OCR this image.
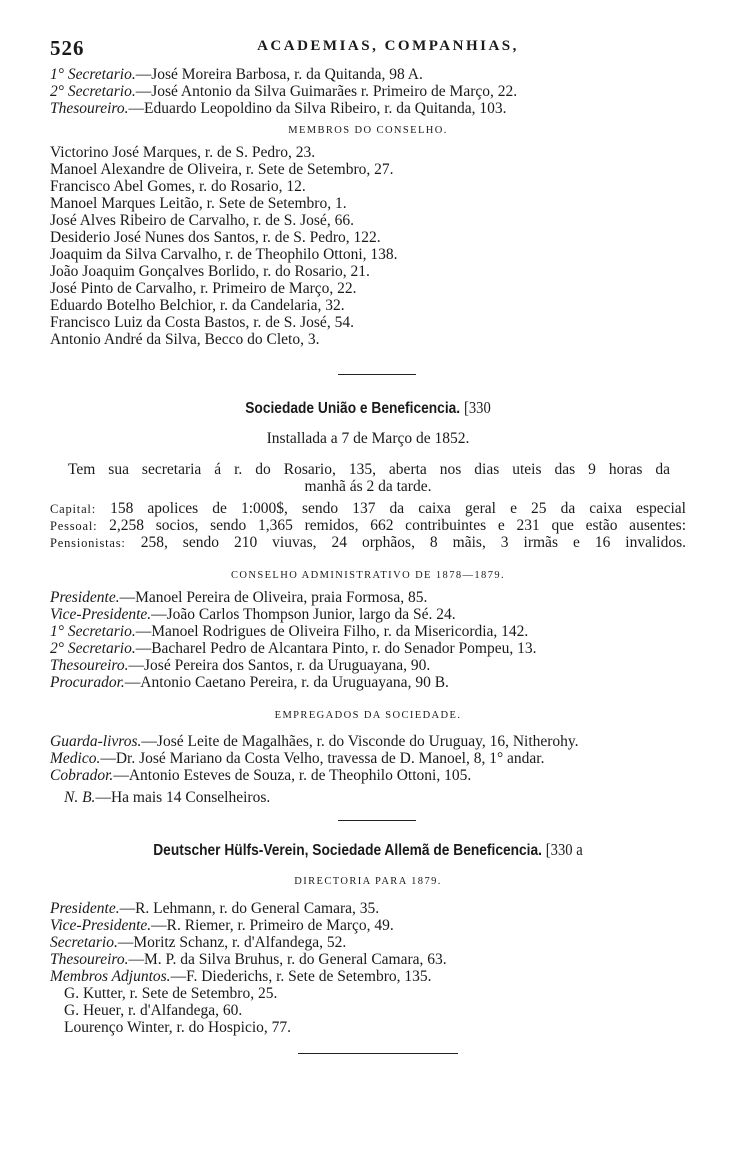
526	ACADEMIAS, COMPANHIAS,
1° Secretario.—José Moreira Barbosa, r. da Quitanda, 98 A.
2° Secretario.—José Antonio da Silva Guimarães r. Primeiro de Março, 22.
Thesoureiro.—Eduardo Leopoldino da Silva Ribeiro, r. da Quitanda, 103.
MEMBROS DO CONSELHO.
Victorino José Marques, r. de S. Pedro, 23.
Manoel Alexandre de Oliveira, r. Sete de Setembro, 27.
Francisco Abel Gomes, r. do Rosario, 12.
Manoel Marques Leitão, r. Sete de Setembro, 1.
José Alves Ribeiro de Carvalho, r. de S. José, 66.
Desiderio José Nunes dos Santos, r. de S. Pedro, 122.
Joaquim da Silva Carvalho, r. de Theophilo Ottoni, 138.
João Joaquim Gonçalves Borlido, r. do Rosario, 21.
José Pinto de Carvalho, r. Primeiro de Março, 22.
Eduardo Botelho Belchior, r. da Candelaria, 32.
Francisco Luiz da Costa Bastos, r. de S. José, 54.
Antonio André da Silva, Becco do Cleto, 3.
Sociedade União e Beneficencia. [330
Installada a 7 de Março de 1852.
Tem sua secretaria á r. do Rosario, 135, aberta nos dias uteis das 9 horas da
manhã ás 2 da tarde.
Capital: 158 apolices de 1:000$, sendo 137 da caixa geral e 25 da caixa especial
Pessoal: 2,258 socios, sendo 1,365 remidos, 662 contribuintes e 231 que estão ausentes:
Pensionistas: 258, sendo 210 viuvas, 24 orphãos, 8 mãis, 3 irmãs e 16 invalidos.
CONSELHO ADMINISTRATIVO DE 1878—1879.
Presidente.—Manoel Pereira de Oliveira, praia Formosa, 85.
Vice-Presidente.—João Carlos Thompson Junior, largo da Sé. 24.
1° Secretario.—Manoel Rodrigues de Oliveira Filho, r. da Misericordia, 142.
2° Secretario.—Bacharel Pedro de Alcantara Pinto, r. do Senador Pompeu, 13.
Thesoureiro.—José Pereira dos Santos, r. da Uruguayana, 90.
Procurador.—Antonio Caetano Pereira, r. da Uruguayana, 90 B.
EMPREGADOS DA SOCIEDADE.
Guarda-livros.—José Leite de Magalhães, r. do Visconde do Uruguay, 16, Nitherohy.
Medico.—Dr. José Mariano da Costa Velho, travessa de D. Manoel, 8, 1° andar.
Cobrador.—Antonio Esteves de Souza, r. de Theophilo Ottoni, 105.
N. B.—Ha mais 14 Conselheiros.
Deutscher Hülfs-Verein, Sociedade Allemã de Beneficencia. [330 a
DIRECTORIA PARA 1879.
Presidente.—R. Lehmann, r. do General Camara, 35.
Vice-Presidente.—R. Riemer, r. Primeiro de Março, 49.
Secretario.—Moritz Schanz, r. d'Alfandega, 52.
Thesoureiro.—M. P. da Silva Bruhus, r. do General Camara, 63.
Membros Adjuntos.—F. Diederichs, r. Sete de Setembro, 135.
G. Kutter, r. Sete de Setembro, 25.
G. Heuer, r. d'Alfandega, 60.
Lourenço Winter, r. do Hospicio, 77.
